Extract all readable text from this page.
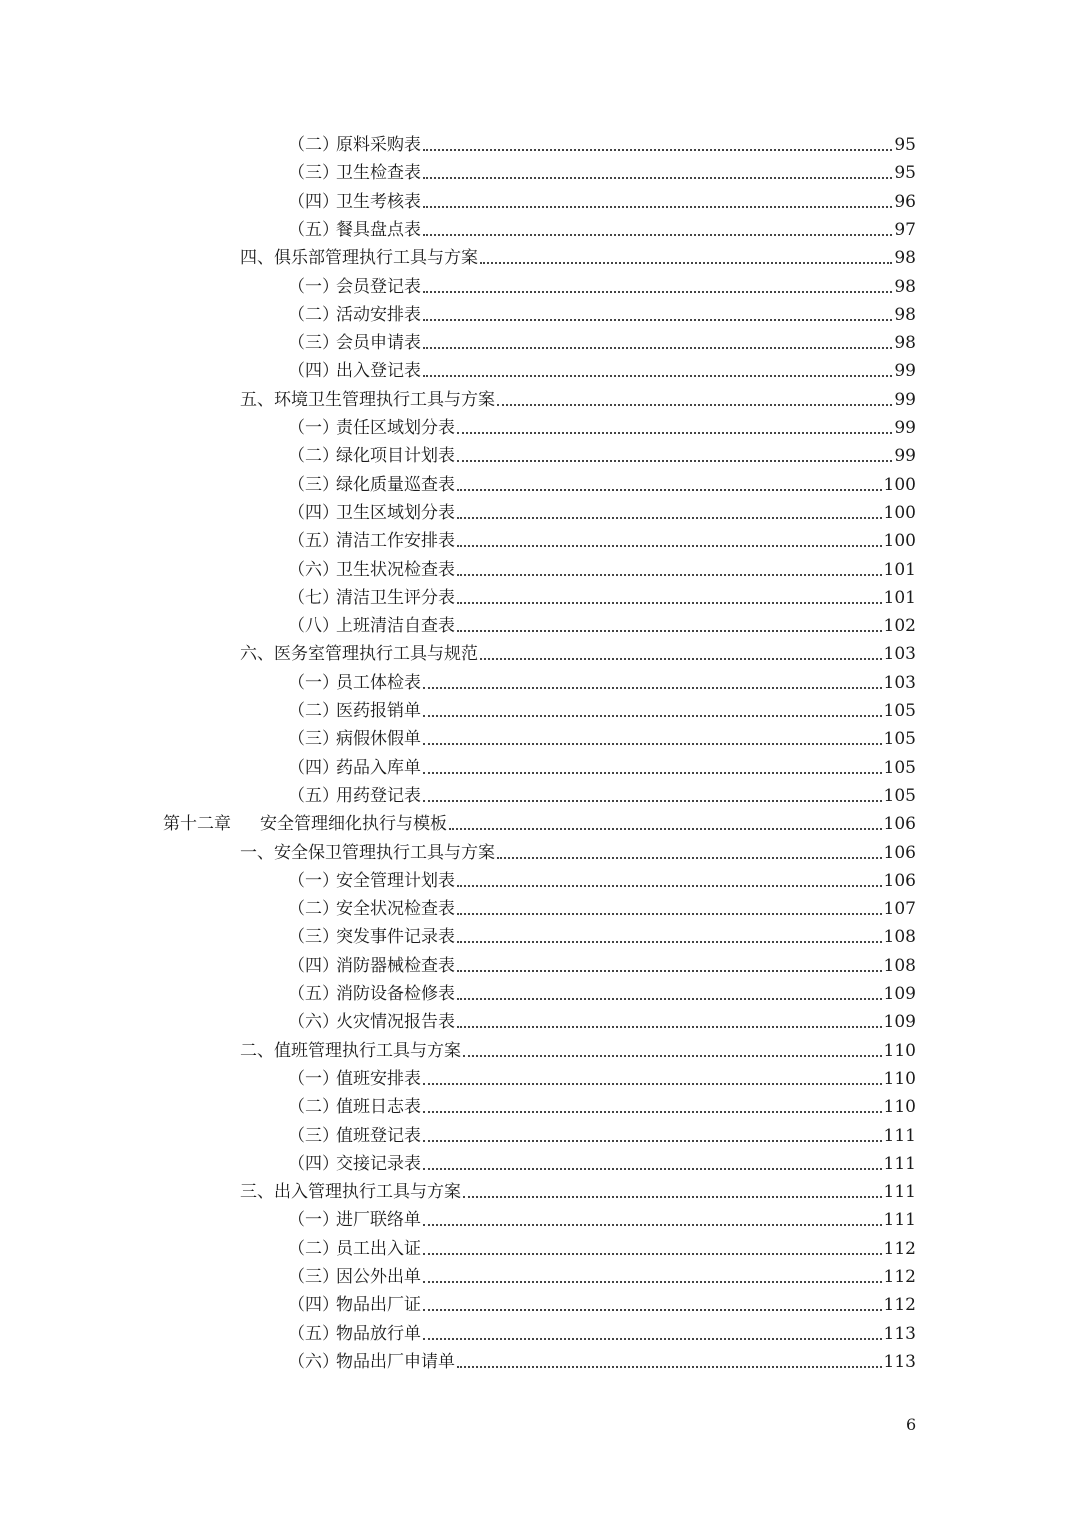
（二）
原料采购表	95
（三）
卫生检查表	95
（四）
卫生考核表	96
（五）
餐具盘点表	97
四、 俱乐部管理执行工具与方案	98
（一）
会员登记表	98
（二）
活动安排表	98
（三）
会员申请表	98
（四）
出入登记表	99
五、 环境卫生管理执行工具与方案	99
（一）
责任区域划分表	99
（二）
绿化项目计划表	99
（三）
绿化质量巡查表	100
（四）
卫生区域划分表	100
（五）
清洁工作安排表	100
（六）
卫生状况检查表	101
（七）
清洁卫生评分表	101
（八）
上班清洁自查表	102
六、 医务室管理执行工具与规范	103
（一）
员工体检表	103
（二）
医药报销单	105
（三）
病假休假单	105
（四）
药品入库单	105
（五）
用药登记表	105
第十二章	安全管理细化执行与模板	106
一、 安全保卫管理执行工具与方案	106
（一）
安全管理计划表	106
（二）
安全状况检查表	107
（三）
突发事件记录表	108
（四）
消防器械检查表	108
（五）
消防设备检修表	109
（六）
火灾情况报告表	109
二、 值班管理执行工具与方案	110
（一）
值班安排表	110
（二）
值班日志表	110
（三）
值班登记表	111
（四）
交接记录表	111
三、 出入管理执行工具与方案	111
（一）
进厂联络单	111
（二）
员工出入证	112
（三）
因公外出单	112
（四）
物品出厂证	112
（五）
物品放行单	113
（六）
物品出厂申请单	113
6
